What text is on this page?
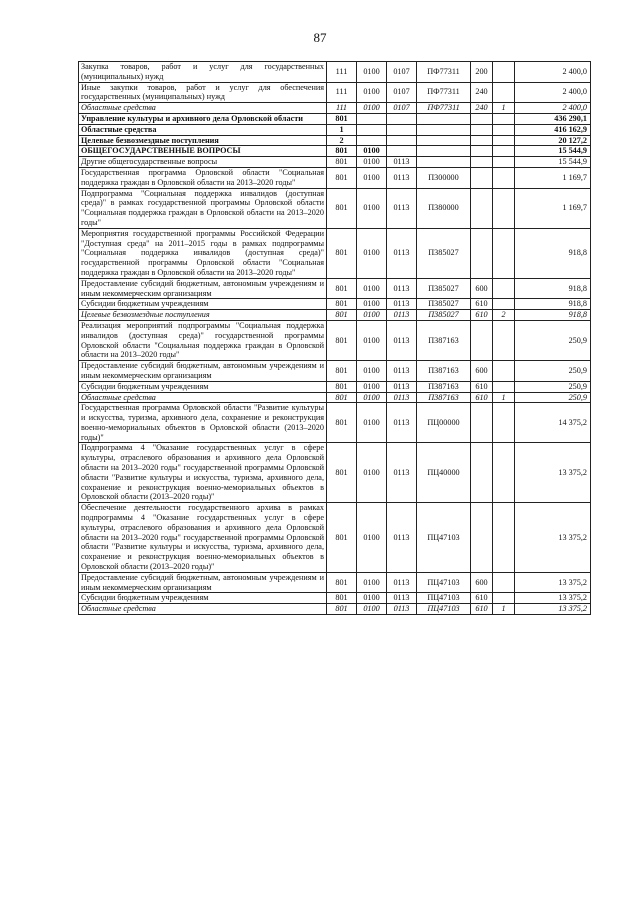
87
Закупка товаров, работ и услуг для государственных (муниципальных) нужд	111	0100	0107	ПФ77311	200		2 400,0
Иные закупки товаров, работ и услуг для обеспечения государственных (муниципальных) нужд	111	0100	0107	ПФ77311	240		2 400,0
Областные средства	111	0100	0107	ПФ77311	240	1	2 400,0
Управление культуры и архивного дела Орловской области	801						436 290,1
Областные средства	1						416 162,9
Целевые безвозмездные поступления	2						20 127,2
ОБЩЕГОСУДАРСТВЕННЫЕ ВОПРОСЫ	801	0100					15 544,9
Другие общегосударственные вопросы	801	0100	0113				15 544,9
Государственная программа Орловской области "Социальная поддержка граждан в Орловской области на 2013–2020 годы"	801	0100	0113	П300000			1 169,7
Подпрограмма "Социальная поддержка инвалидов (доступная среда)" в рамках государственной программы Орловской области "Социальная поддержка граждан в Орловской области на 2013–2020 годы"	801	0100	0113	П380000			1 169,7
Мероприятия государственной программы Российской Федерации "Доступная среда" на 2011–2015 годы в рамках подпрограммы "Социальная поддержка инвалидов (доступная среда)" государственной программы Орловской области "Социальная поддержка граждан в Орловской области на 2013–2020 годы"	801	0100	0113	П385027			918,8
Предоставление субсидий бюджетным, автономным учреждениям и иным некоммерческим организациям	801	0100	0113	П385027	600		918,8
Субсидии бюджетным учреждениям	801	0100	0113	П385027	610		918,8
Целевые безвозмездные поступления	801	0100	0113	П385027	610	2	918,8
Реализация мероприятий подпрограммы "Социальная поддержка инвалидов (доступная среда)" государственной программы Орловской области "Социальная поддержка граждан в Орловской области на 2013–2020 годы"	801	0100	0113	П387163			250,9
Предоставление субсидий бюджетным, автономным учреждениям и иным некоммерческим организациям	801	0100	0113	П387163	600		250,9
Субсидии бюджетным учреждениям	801	0100	0113	П387163	610		250,9
Областные средства	801	0100	0113	П387163	610	1	250,9
Государственная программа Орловской области "Развитие культуры и искусства, туризма, архивного дела, сохранение и реконструкция военно-мемориальных объектов в Орловской области (2013–2020 годы)"	801	0100	0113	ПЦ00000			14 375,2
Подпрограмма 4 "Оказание государственных услуг в сфере культуры, отраслевого образования и архивного дела Орловской области на 2013–2020 годы" государственной программы Орловской области "Развитие культуры и искусства, туризма, архивного дела, сохранение и реконструкция военно-мемориальных объектов в Орловской области (2013–2020 годы)"	801	0100	0113	ПЦ40000			13 375,2
Обеспечение деятельности государственного архива в рамках подпрограммы 4 "Оказание государственных услуг в сфере культуры, отраслевого образования и архивного дела Орловской области на 2013–2020 годы" государственной программы Орловской области "Развитие культуры и искусства, туризма, архивного дела, сохранение и реконструкция военно-мемориальных объектов в Орловской области (2013–2020 годы)"	801	0100	0113	ПЦ47103			13 375,2
Предоставление субсидий бюджетным, автономным учреждениям и иным некоммерческим организациям	801	0100	0113	ПЦ47103	600		13 375,2
Субсидии бюджетным учреждениям	801	0100	0113	ПЦ47103	610		13 375,2
Областные средства	801	0100	0113	ПЦ47103	610	1	13 375,2
